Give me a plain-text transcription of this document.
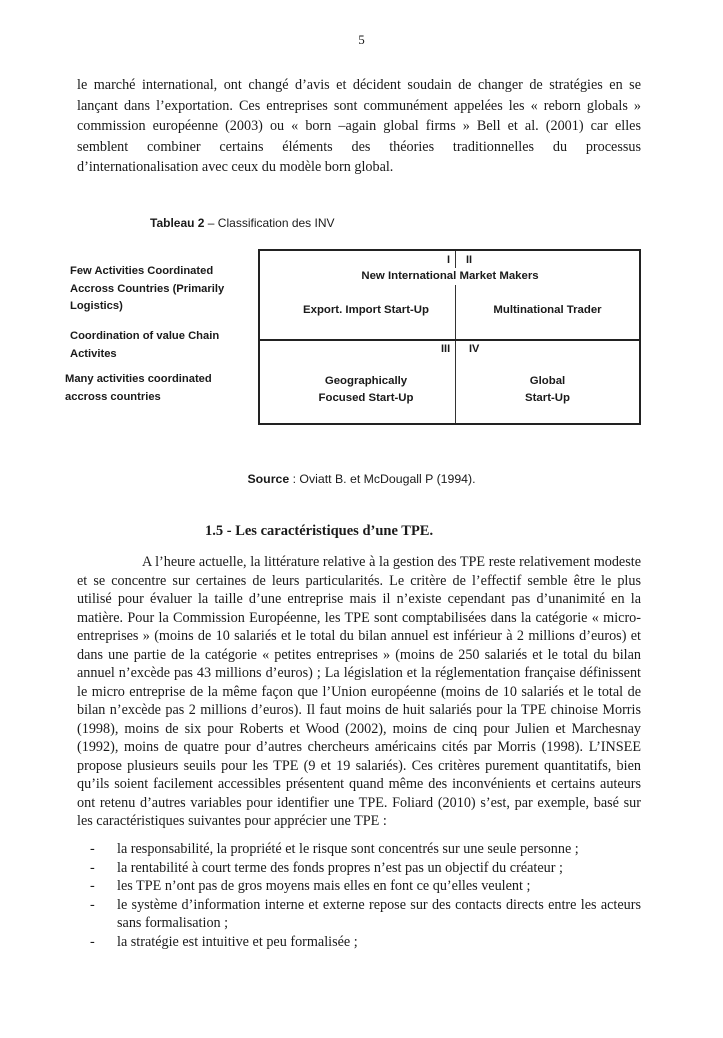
5

le marché international, ont changé d’avis et décident soudain de changer de stratégies en se lançant dans l’exportation. Ces entreprises sont communément appelées les « reborn globals » commission européenne (2003) ou « born –again global firms » Bell et al. (2001) car elles semblent combiner certains éléments des théories traditionnelles du processus d’internationalisation avec ceux du modèle born global.

Tableau 2 – Classification des INV
Few Activities Coordinated Accross Countries (Primarily Logistics)
Coordination of value Chain Activites
Many activities coordinated accross countries
I II
III IV
New International Market Makers
Export. Import Start-Up	Multinational Trader
Geographically
Focused Start-Up
Global
Start-Up
Source : Oviatt B. et McDougall P (1994).
1.5 - Les caractéristiques d’une TPE.

A l’heure actuelle, la littérature relative à la gestion des TPE reste relativement modeste et se concentre sur certaines de leurs particularités. Le critère de l’effectif semble être le plus utilisé pour évaluer la taille d’une entreprise mais il n’existe cependant pas d’unanimité en la matière. Pour la Commission Européenne, les TPE sont comptabilisées dans la catégorie « micro- entreprises » (moins de 10 salariés et le total du bilan annuel est inférieur à 2 millions d’euros) et dans une partie de la catégorie « petites entreprises » (moins de 250 salariés et le total du bilan annuel n’excède pas 43 millions d’euros) ; La législation et la réglementation française définissent le micro entreprise de la même façon que l’Union européenne (moins de 10 salariés et le total de bilan n’excède pas 2 millions d’euros). Il faut moins de huit salariés pour la TPE chinoise Morris (1998), moins de six pour Roberts et Wood (2002), moins de cinq pour Julien et Marchesnay (1992), moins de quatre pour d’autres chercheurs américains cités par Morris (1998). L’INSEE propose plusieurs seuils pour les TPE (9 et 19 salariés). Ces critères purement quantitatifs, bien qu’ils soient facilement accessibles présentent quand même des inconvénients et certains auteurs ont retenu d’autres variables pour identifier une TPE. Foliard (2010) s’est, par exemple, basé sur les caractéristiques suivantes pour apprécier une TPE :

- la responsabilité, la propriété et le risque sont concentrés sur une seule personne ;
- la rentabilité à court terme des fonds propres n’est pas un objectif du créateur ;
- les TPE n’ont pas de gros moyens mais elles en font ce qu’elles veulent ;
- le système d’information interne et externe repose sur des contacts directs entre les acteurs sans formalisation ;
- la stratégie est intuitive et peu formalisée ;
